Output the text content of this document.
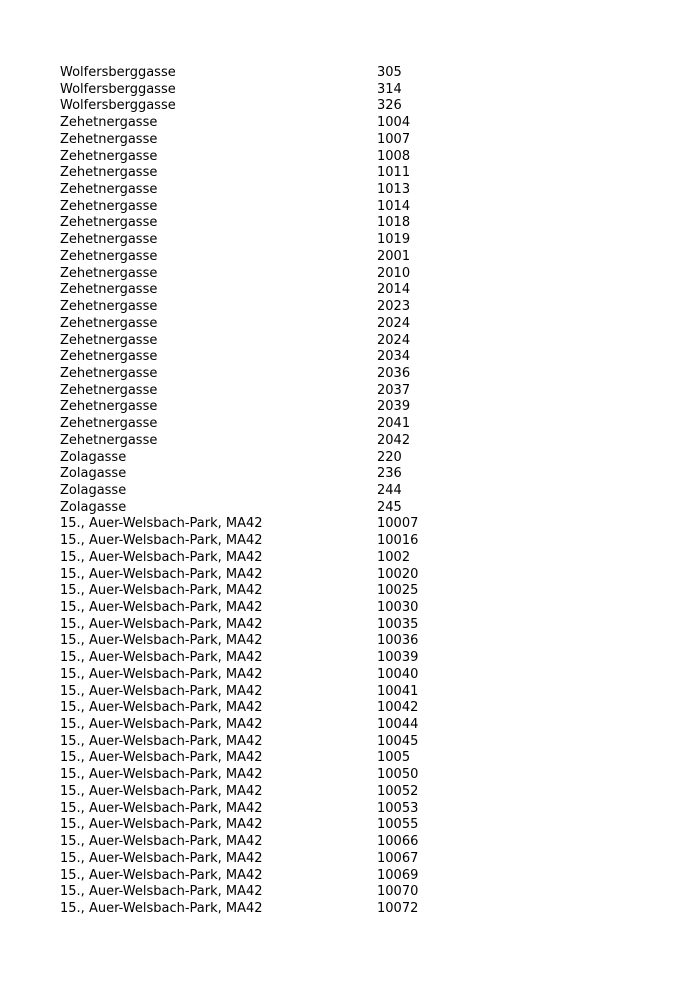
Wolfersberggasse	305
Wolfersberggasse	314
Wolfersberggasse	326
Zehetnergasse	1004
Zehetnergasse	1007
Zehetnergasse	1008
Zehetnergasse	1011
Zehetnergasse	1013
Zehetnergasse	1014
Zehetnergasse	1018
Zehetnergasse	1019
Zehetnergasse	2001
Zehetnergasse	2010
Zehetnergasse	2014
Zehetnergasse	2023
Zehetnergasse	2024
Zehetnergasse	2024
Zehetnergasse	2034
Zehetnergasse	2036
Zehetnergasse	2037
Zehetnergasse	2039
Zehetnergasse	2041
Zehetnergasse	2042
Zolagasse	220
Zolagasse	236
Zolagasse	244
Zolagasse	245
15., Auer-Welsbach-Park, MA42	10007
15., Auer-Welsbach-Park, MA42	10016
15., Auer-Welsbach-Park, MA42	1002
15., Auer-Welsbach-Park, MA42	10020
15., Auer-Welsbach-Park, MA42	10025
15., Auer-Welsbach-Park, MA42	10030
15., Auer-Welsbach-Park, MA42	10035
15., Auer-Welsbach-Park, MA42	10036
15., Auer-Welsbach-Park, MA42	10039
15., Auer-Welsbach-Park, MA42	10040
15., Auer-Welsbach-Park, MA42	10041
15., Auer-Welsbach-Park, MA42	10042
15., Auer-Welsbach-Park, MA42	10044
15., Auer-Welsbach-Park, MA42	10045
15., Auer-Welsbach-Park, MA42	1005
15., Auer-Welsbach-Park, MA42	10050
15., Auer-Welsbach-Park, MA42	10052
15., Auer-Welsbach-Park, MA42	10053
15., Auer-Welsbach-Park, MA42	10055
15., Auer-Welsbach-Park, MA42	10066
15., Auer-Welsbach-Park, MA42	10067
15., Auer-Welsbach-Park, MA42	10069
15., Auer-Welsbach-Park, MA42	10070
15., Auer-Welsbach-Park, MA42	10072
